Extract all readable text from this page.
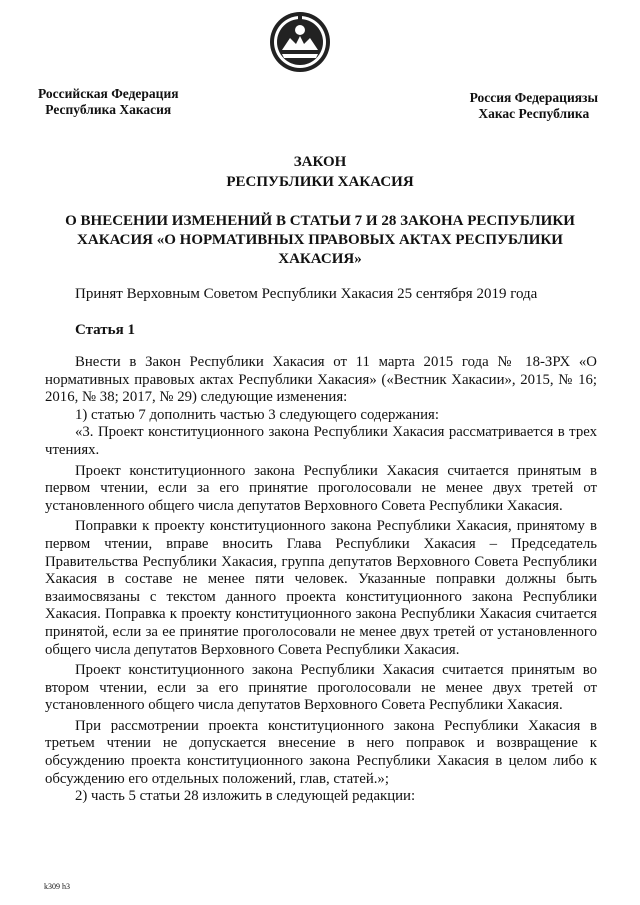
Российская Федерация
Республика Хакасия
Россия Федерациязы
Хакас Республика
ЗАКОН
РЕСПУБЛИКИ ХАКАСИЯ
О ВНЕСЕНИИ ИЗМЕНЕНИЙ В СТАТЬИ 7 И 28 ЗАКОНА РЕСПУБЛИКИ ХАКАСИЯ «О НОРМАТИВНЫХ ПРАВОВЫХ АКТАХ РЕСПУБЛИКИ ХАКАСИЯ»
Принят Верховным Советом Республики Хакасия 25 сентября 2019 года
Статья 1

Внести в Закон Республики Хакасия от 11 марта 2015 года № 18-ЗРХ «О нормативных правовых актах Республики Хакасия» («Вестник Хакасии», 2015, № 16; 2016, № 38; 2017, № 29) следующие изменения:

1) статью 7 дополнить частью 3 следующего содержания:

«3. Проект конституционного закона Республики Хакасия рассматривается в трех чтениях.

Проект конституционного закона Республики Хакасия считается принятым в первом чтении, если за его принятие проголосовали не менее двух третей от установленного общего числа депутатов Верховного Совета Республики Хакасия.

Поправки к проекту конституционного закона Республики Хакасия, принятому в первом чтении, вправе вносить Глава Республики Хакасия – Председатель Правительства Республики Хакасия, группа депутатов Верховного Совета Республики Хакасия в составе не менее пяти человек. Указанные поправки должны быть взаимосвязаны с текстом данного проекта конституционного закона Республики Хакасия. Поправка к проекту конституционного закона Республики Хакасия считается принятой, если за ее принятие проголосовали не менее двух третей от установленного общего числа депутатов Верховного Совета Республики Хакасия.

Проект конституционного закона Республики Хакасия считается принятым во втором чтении, если за его принятие проголосовали не менее двух третей от установленного общего числа депутатов Верховного Совета Республики Хакасия.

При рассмотрении проекта конституционного закона Республики Хакасия в третьем чтении не допускается внесение в него поправок и возвращение к обсуждению проекта конституционного закона Республики Хакасия в целом либо к обсуждению его отдельных положений, глав, статей.»;

2) часть 5 статьи 28 изложить в следующей редакции:

k309 h3
